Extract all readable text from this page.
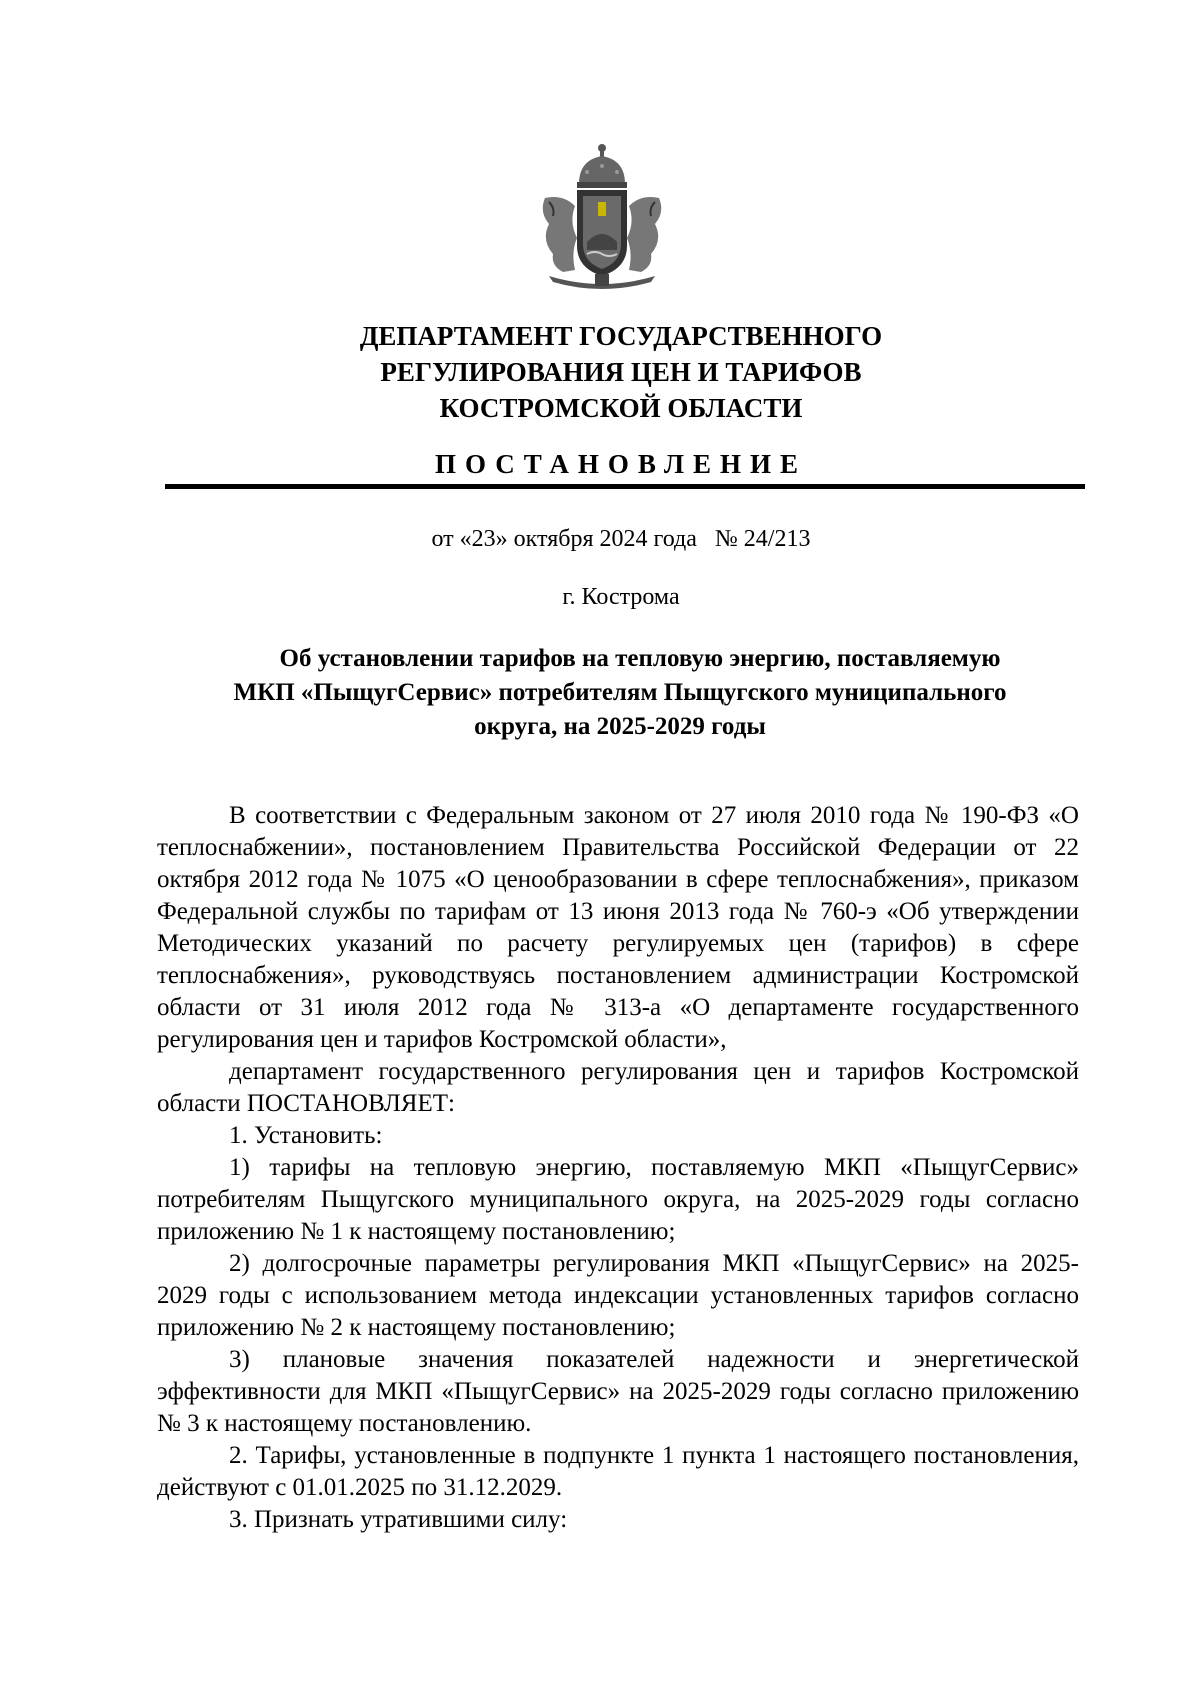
ДЕПАРТАМЕНТ ГОСУДАРСТВЕННОГО
РЕГУЛИРОВАНИЯ ЦЕН И ТАРИФОВ
КОСТРОМСКОЙ ОБЛАСТИ
ПОСТАНОВЛЕНИЕ
от «23» октября 2024 года № 24/213
г. Кострома
Об установлении тарифов на тепловую энергию, поставляемую
МКП «ПыщугСервис» потребителям Пыщугского муниципального
округа, на 2025-2029 годы

В соответствии с Федеральным законом от 27 июля 2010 года № 190-ФЗ «О теплоснабжении», постановлением Правительства Российской Федерации от 22 октября 2012 года № 1075 «О ценообразовании в сфере теплоснабжения», приказом Федеральной службы по тарифам от 13 июня 2013 года № 760-э «Об утверждении Методических указаний по расчету регулируемых цен (тарифов) в сфере теплоснабжения», руководствуясь постановлением администрации Костромской области от 31 июля 2012 года № 313-а «О департаменте государственного регулирования цен и тарифов Костромской области»,

департамент государственного регулирования цен и тарифов Костромской области ПОСТАНОВЛЯЕТ:

1. Установить:

1) тарифы на тепловую энергию, поставляемую МКП «ПыщугСервис» потребителям Пыщугского муниципального округа, на 2025-2029 годы согласно приложению № 1 к настоящему постановлению;

2) долгосрочные параметры регулирования МКП «ПыщугСервис» на 2025-2029 годы с использованием метода индексации установленных тарифов согласно приложению № 2 к настоящему постановлению;

3) плановые значения показателей надежности и энергетической эффективности для МКП «ПыщугСервис» на 2025-2029 годы согласно приложению № 3 к настоящему постановлению.

2. Тарифы, установленные в подпункте 1 пункта 1 настоящего постановления, действуют с 01.01.2025 по 31.12.2029.

3. Признать утратившими силу:
